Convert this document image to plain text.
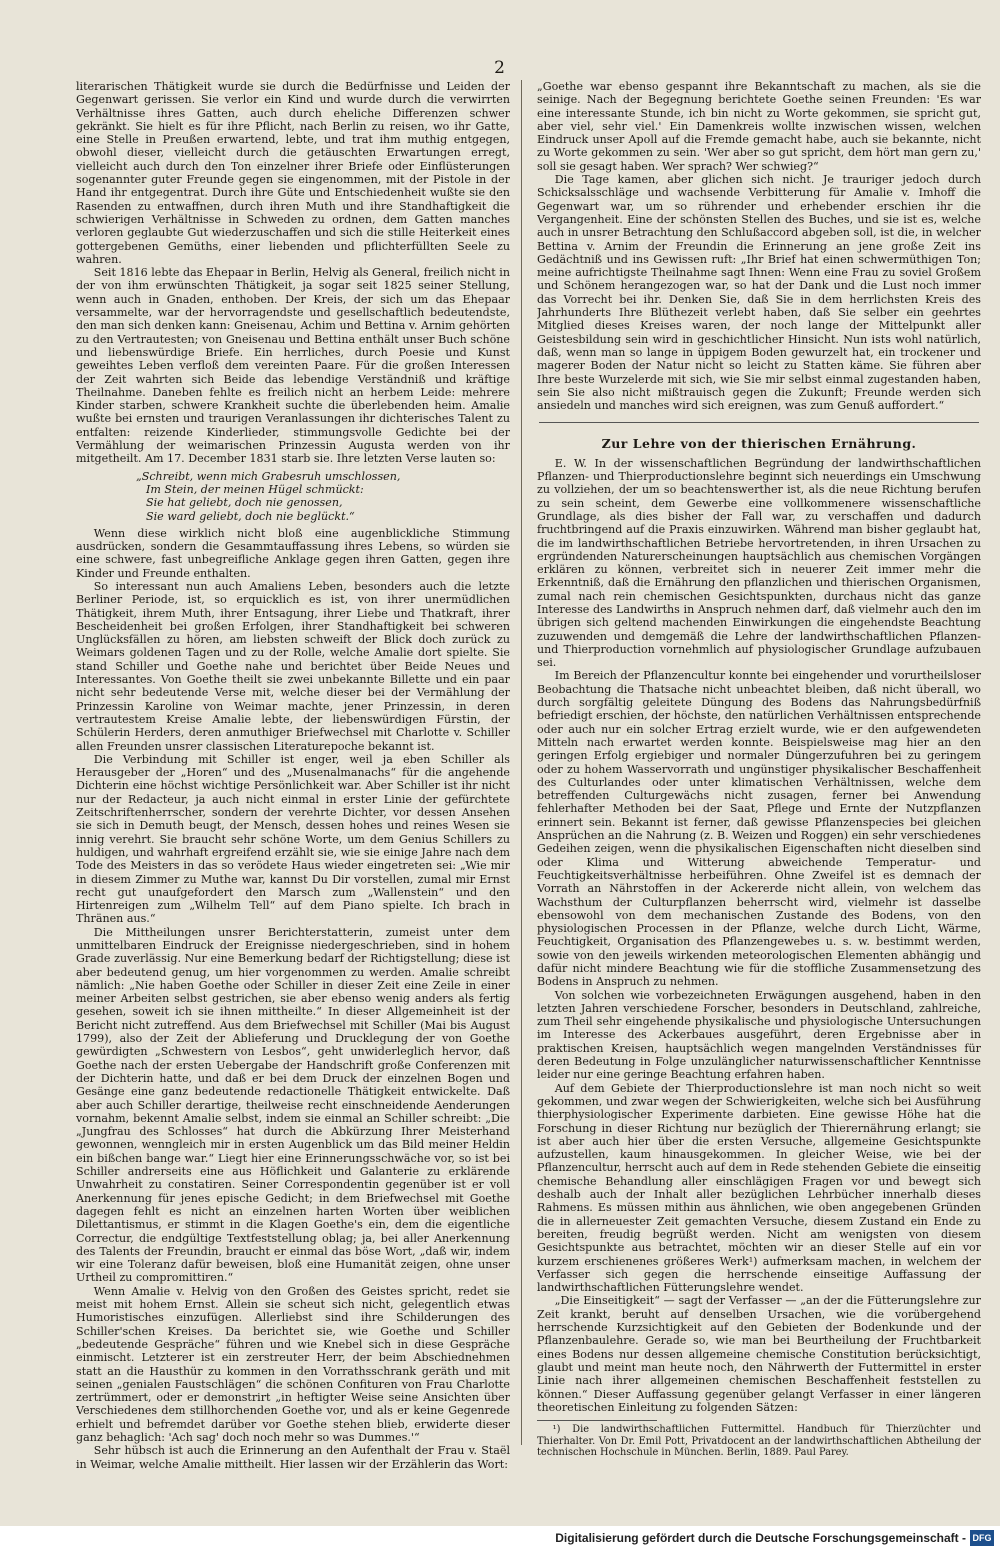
2

literarischen Thätigkeit wurde sie durch die Bedürfnisse und Leiden der Gegenwart gerissen. Sie verlor ein Kind und wurde durch die verwirrten Verhältnisse ihres Gatten, auch durch eheliche Differenzen schwer gekränkt. Sie hielt es für ihre Pflicht, nach Berlin zu reisen, wo ihr Gatte, eine Stelle in Preußen erwartend, lebte, und trat ihm muthig entgegen, obwohl dieser, vielleicht durch die getäuschten Erwartungen erregt, vielleicht auch durch den Ton einzelner ihrer Briefe oder Einflüsterungen sogenannter guter Freunde gegen sie eingenommen, mit der Pistole in der Hand ihr entgegentrat. Durch ihre Güte und Entschiedenheit wußte sie den Rasenden zu entwaffnen, durch ihren Muth und ihre Standhaftigkeit die schwierigen Verhältnisse in Schweden zu ordnen, dem Gatten manches verloren geglaubte Gut wiederzuschaffen und sich die stille Heiterkeit eines gottergebenen Gemüths, einer liebenden und pflichterfüllten Seele zu wahren.

Seit 1816 lebte das Ehepaar in Berlin, Helvig als General, freilich nicht in der von ihm erwünschten Thätigkeit, ja sogar seit 1825 seiner Stellung, wenn auch in Gnaden, enthoben. Der Kreis, der sich um das Ehepaar versammelte, war der hervorragendste und gesellschaftlich bedeutendste, den man sich denken kann: Gneisenau, Achim und Bettina v. Arnim gehörten zu den Vertrautesten; von Gneisenau und Bettina enthält unser Buch schöne und liebenswürdige Briefe. Ein herrliches, durch Poesie und Kunst geweihtes Leben verfloß dem vereinten Paare. Für die großen Interessen der Zeit wahrten sich Beide das lebendige Verständniß und kräftige Theilnahme. Daneben fehlte es freilich nicht an herbem Leide: mehrere Kinder starben, schwere Krankheit suchte die überlebenden heim. Amalie wußte bei ernsten und traurigen Veranlassungen ihr dichterisches Talent zu entfalten: reizende Kinderlieder, stimmungsvolle Gedichte bei der Vermählung der weimarischen Prinzessin Augusta werden von ihr mitgetheilt. Am 17. December 1831 starb sie. Ihre letzten Verse lauten so:

„Schreibt, wenn mich Grabesruh umschlossen,
Im Stein, der meinen Hügel schmückt:
Sie hat geliebt, doch nie genossen,
Sie ward geliebt, doch nie beglückt.“

Wenn diese wirklich nicht bloß eine augenblickliche Stimmung ausdrücken, sondern die Gesammtauffassung ihres Lebens, so würden sie eine schwere, fast unbegreifliche Anklage gegen ihren Gatten, gegen ihre Kinder und Freunde enthalten.

So interessant nun auch Amaliens Leben, besonders auch die letzte Berliner Periode, ist, so erquicklich es ist, von ihrer unermüdlichen Thätigkeit, ihrem Muth, ihrer Entsagung, ihrer Liebe und Thatkraft, ihrer Bescheidenheit bei großen Erfolgen, ihrer Standhaftigkeit bei schweren Unglücksfällen zu hören, am liebsten schweift der Blick doch zurück zu Weimars goldenen Tagen und zu der Rolle, welche Amalie dort spielte. Sie stand Schiller und Goethe nahe und berichtet über Beide Neues und Interessantes. Von Goethe theilt sie zwei unbekannte Billette und ein paar nicht sehr bedeutende Verse mit, welche dieser bei der Vermählung der Prinzessin Karoline von Weimar machte, jener Prinzessin, in deren vertrautestem Kreise Amalie lebte, der liebenswürdigen Fürstin, der Schülerin Herders, deren anmuthiger Briefwechsel mit Charlotte v. Schiller allen Freunden unsrer classischen Literaturepoche bekannt ist.

Die Verbindung mit Schiller ist enger, weil ja eben Schiller als Herausgeber der „Horen“ und des „Musenalmanachs“ für die angehende Dichterin eine höchst wichtige Persönlichkeit war. Aber Schiller ist ihr nicht nur der Redacteur, ja auch nicht einmal in erster Linie der gefürchtete Zeitschriftenherrscher, sondern der verehrte Dichter, vor dessen Ansehen sie sich in Demuth beugt, der Mensch, dessen hohes und reines Wesen sie innig verehrt. Sie braucht sehr schöne Worte, um dem Genius Schillers zu huldigen, und wahrhaft ergreifend erzählt sie, wie sie einige Jahre nach dem Tode des Meisters in das so verödete Haus wieder eingetreten sei: „Wie mir in diesem Zimmer zu Muthe war, kannst Du Dir vorstellen, zumal mir Ernst recht gut unaufgefordert den Marsch zum „Wallenstein“ und den Hirtenreigen zum „Wilhelm Tell“ auf dem Piano spielte. Ich brach in Thränen aus.“

Die Mittheilungen unsrer Berichterstatterin, zumeist unter dem unmittelbaren Eindruck der Ereignisse niedergeschrieben, sind in hohem Grade zuverlässig. Nur eine Bemerkung bedarf der Richtigstellung; diese ist aber bedeutend genug, um hier vorgenommen zu werden. Amalie schreibt nämlich: „Nie haben Goethe oder Schiller in dieser Zeit eine Zeile in einer meiner Arbeiten selbst gestrichen, sie aber ebenso wenig anders als fertig gesehen, soweit ich sie ihnen mittheilte.“ In dieser Allgemeinheit ist der Bericht nicht zutreffend. Aus dem Briefwechsel mit Schiller (Mai bis August 1799), also der Zeit der Ablieferung und Drucklegung der von Goethe gewürdigten „Schwestern von Lesbos“, geht unwiderleglich hervor, daß Goethe nach der ersten Uebergabe der Handschrift große Conferenzen mit der Dichterin hatte, und daß er bei dem Druck der einzelnen Bogen und Gesänge eine ganz bedeutende redactionelle Thätigkeit entwickelte. Daß aber auch Schiller derartige, theilweise recht einschneidende Aenderungen vornahm, bekennt Amalie selbst, indem sie einmal an Schiller schreibt: „Die „Jungfrau des Schlosses“ hat durch die Abkürzung Ihrer Meisterhand gewonnen, wenngleich mir in ersten Augenblick um das Bild meiner Heldin ein bißchen bange war.“ Liegt hier eine Erinnerungsschwäche vor, so ist bei Schiller andrerseits eine aus Höflichkeit und Galanterie zu erklärende Unwahrheit zu constatiren. Seiner Correspondentin gegenüber ist er voll Anerkennung für jenes epische Gedicht; in dem Briefwechsel mit Goethe dagegen fehlt es nicht an einzelnen harten Worten über weiblichen Dilettantismus, er stimmt in die Klagen Goethe's ein, dem die eigentliche Correctur, die endgültige Textfeststellung oblag; ja, bei aller Anerkennung des Talents der Freundin, braucht er einmal das böse Wort, „daß wir, indem wir eine Toleranz dafür beweisen, bloß eine Humanität zeigen, ohne unser Urtheil zu compromittiren.“

Wenn Amalie v. Helvig von den Großen des Geistes spricht, redet sie meist mit hohem Ernst. Allein sie scheut sich nicht, gelegentlich etwas Humoristisches einzufügen. Allerliebst sind ihre Schilderungen des Schiller'schen Kreises. Da berichtet sie, wie Goethe und Schiller „bedeutende Gespräche“ führen und wie Knebel sich in diese Gespräche einmischt. Letzterer ist ein zerstreuter Herr, der beim Abschiednehmen statt an die Hausthür zu kommen in den Vorrathsschrank geräth und mit seinen „genialen Faustschlägen“ die schönen Confituren von Frau Charlotte zertrümmert, oder er demonstrirt „in heftigter Weise seine Ansichten über Verschiedenes dem stillhorchenden Goethe vor, und als er keine Gegenrede erhielt und befremdet darüber vor Goethe stehen blieb, erwiderte dieser ganz behaglich: 'Ach sag' doch noch mehr so was Dummes.'“

Sehr hübsch ist auch die Erinnerung an den Aufenthalt der Frau v. Staël in Weimar, welche Amalie mittheilt. Hier lassen wir der Erzählerin das Wort:

„Goethe war ebenso gespannt ihre Bekanntschaft zu machen, als sie die seinige. Nach der Begegnung berichtete Goethe seinen Freunden: 'Es war eine interessante Stunde, ich bin nicht zu Worte gekommen, sie spricht gut, aber viel, sehr viel.' Ein Damenkreis wollte inzwischen wissen, welchen Eindruck unser Apoll auf die Fremde gemacht habe, auch sie bekannte, nicht zu Worte gekommen zu sein. 'Wer aber so gut spricht, dem hört man gern zu,' soll sie gesagt haben. Wer sprach? Wer schwieg?“

Die Tage kamen, aber glichen sich nicht. Je trauriger jedoch durch Schicksalsschläge und wachsende Verbitterung für Amalie v. Imhoff die Gegenwart war, um so rührender und erhebender erschien ihr die Vergangenheit. Eine der schönsten Stellen des Buches, und sie ist es, welche auch in unsrer Betrachtung den Schlußaccord abgeben soll, ist die, in welcher Bettina v. Arnim der Freundin die Erinnerung an jene große Zeit ins Gedächtniß und ins Gewissen ruft: „Ihr Brief hat einen schwermüthigen Ton; meine aufrichtigste Theilnahme sagt Ihnen: Wenn eine Frau zu soviel Großem und Schönem herangezogen war, so hat der Dank und die Lust noch immer das Vorrecht bei ihr. Denken Sie, daß Sie in dem herrlichsten Kreis des Jahrhunderts Ihre Blüthezeit verlebt haben, daß Sie selber ein geehrtes Mitglied dieses Kreises waren, der noch lange der Mittelpunkt aller Geistesbildung sein wird in geschichtlicher Hinsicht. Nun ists wohl natürlich, daß, wenn man so lange in üppigem Boden gewurzelt hat, ein trockener und magerer Boden der Natur nicht so leicht zu Statten käme. Sie führen aber Ihre beste Wurzelerde mit sich, wie Sie mir selbst einmal zugestanden haben, sein Sie also nicht mißtrauisch gegen die Zukunft; Freunde werden sich ansiedeln und manches wird sich ereignen, was zum Genuß auffordert.“

Zur Lehre von der thierischen Ernährung.

E. W. In der wissenschaftlichen Begründung der landwirthschaftlichen Pflanzen- und Thierproductionslehre beginnt sich neuerdings ein Umschwung zu vollziehen, der um so beachtenswerther ist, als die neue Richtung berufen zu sein scheint, dem Gewerbe eine vollkommenere wissenschaftliche Grundlage, als dies bisher der Fall war, zu verschaffen und dadurch fruchtbringend auf die Praxis einzuwirken. Während man bisher geglaubt hat, die im landwirthschaftlichen Betriebe hervortretenden, in ihren Ursachen zu ergründenden Naturerscheinungen hauptsächlich aus chemischen Vorgängen erklären zu können, verbreitet sich in neuerer Zeit immer mehr die Erkenntniß, daß die Ernährung den pflanzlichen und thierischen Organismen, zumal nach rein chemischen Gesichtspunkten, durchaus nicht das ganze Interesse des Landwirths in Anspruch nehmen darf, daß vielmehr auch den im übrigen sich geltend machenden Einwirkungen die eingehendste Beachtung zuzuwenden und demgemäß die Lehre der landwirthschaftlichen Pflanzen- und Thierproduction vornehmlich auf physiologischer Grundlage aufzubauen sei.

Im Bereich der Pflanzencultur konnte bei eingehender und vorurtheilsloser Beobachtung die Thatsache nicht unbeachtet bleiben, daß nicht überall, wo durch sorgfältig geleitete Düngung des Bodens das Nahrungsbedürfniß befriedigt erschien, der höchste, den natürlichen Verhältnissen entsprechende oder auch nur ein solcher Ertrag erzielt wurde, wie er den aufgewendeten Mitteln nach erwartet werden konnte. Beispielsweise mag hier an den geringen Erfolg ergiebiger und normaler Düngerzufuhren bei zu geringem oder zu hohem Wasservorrath und ungünstiger physikalischer Beschaffenheit des Culturlandes oder unter klimatischen Verhältnissen, welche dem betreffenden Culturgewächs nicht zusagen, ferner bei Anwendung fehlerhafter Methoden bei der Saat, Pflege und Ernte der Nutzpflanzen erinnert sein. Bekannt ist ferner, daß gewisse Pflanzenspecies bei gleichen Ansprüchen an die Nahrung (z. B. Weizen und Roggen) ein sehr verschiedenes Gedeihen zeigen, wenn die physikalischen Eigenschaften nicht dieselben sind oder Klima und Witterung abweichende Temperatur- und Feuchtigkeitsverhältnisse herbeiführen. Ohne Zweifel ist es demnach der Vorrath an Nährstoffen in der Ackererde nicht allein, von welchem das Wachsthum der Culturpflanzen beherrscht wird, vielmehr ist dasselbe ebensowohl von dem mechanischen Zustande des Bodens, von den physiologischen Processen in der Pflanze, welche durch Licht, Wärme, Feuchtigkeit, Organisation des Pflanzengewebes u. s. w. bestimmt werden, sowie von den jeweils wirkenden meteorologischen Elementen abhängig und dafür nicht mindere Beachtung wie für die stoffliche Zusammensetzung des Bodens in Anspruch zu nehmen.

Von solchen wie vorbezeichneten Erwägungen ausgehend, haben in den letzten Jahren verschiedene Forscher, besonders in Deutschland, zahlreiche, zum Theil sehr eingehende physikalische und physiologische Untersuchungen im Interesse des Ackerbaues ausgeführt, deren Ergebnisse aber in praktischen Kreisen, hauptsächlich wegen mangelnden Verständnisses für deren Bedeutung in Folge unzulänglicher naturwissenschaftlicher Kenntnisse leider nur eine geringe Beachtung erfahren haben.

Auf dem Gebiete der Thierproductionslehre ist man noch nicht so weit gekommen, und zwar wegen der Schwierigkeiten, welche sich bei Ausführung thierphysiologischer Experimente darbieten. Eine gewisse Höhe hat die Forschung in dieser Richtung nur bezüglich der Thierernährung erlangt; sie ist aber auch hier über die ersten Versuche, allgemeine Gesichtspunkte aufzustellen, kaum hinausgekommen. In gleicher Weise, wie bei der Pflanzencultur, herrscht auch auf dem in Rede stehenden Gebiete die einseitig chemische Behandlung aller einschlägigen Fragen vor und bewegt sich deshalb auch der Inhalt aller bezüglichen Lehrbücher innerhalb dieses Rahmens. Es müssen mithin aus ähnlichen, wie oben angegebenen Gründen die in allerneuester Zeit gemachten Versuche, diesem Zustand ein Ende zu bereiten, freudig begrüßt werden. Nicht am wenigsten von diesem Gesichtspunkte aus betrachtet, möchten wir an dieser Stelle auf ein vor kurzem erschienenes größeres Werk¹) aufmerksam machen, in welchem der Verfasser sich gegen die herrschende einseitige Auffassung der landwirthschaftlichen Fütterungslehre wendet.

„Die Einseitigkeit“ — sagt der Verfasser — „an der die Fütterungslehre zur Zeit krankt, beruht auf denselben Ursachen, wie die vorübergehend herrschende Kurzsichtigkeit auf den Gebieten der Bodenkunde und der Pflanzenbaulehre. Gerade so, wie man bei Beurtheilung der Fruchtbarkeit eines Bodens nur dessen allgemeine chemische Constitution berücksichtigt, glaubt und meint man heute noch, den Nährwerth der Futtermittel in erster Linie nach ihrer allgemeinen chemischen Beschaffenheit feststellen zu können.“ Dieser Auffassung gegenüber gelangt Verfasser in einer längeren theoretischen Einleitung zu folgenden Sätzen:

¹) Die landwirthschaftlichen Futtermittel. Handbuch für Thierzüchter und Thierhalter. Von Dr. Emil Pott, Privatdocent an der landwirthschaftlichen Abtheilung der technischen Hochschule in München. Berlin, 1889. Paul Parey.

Digitalisierung gefördert durch die Deutsche Forschungsgemeinschaft - DFG
